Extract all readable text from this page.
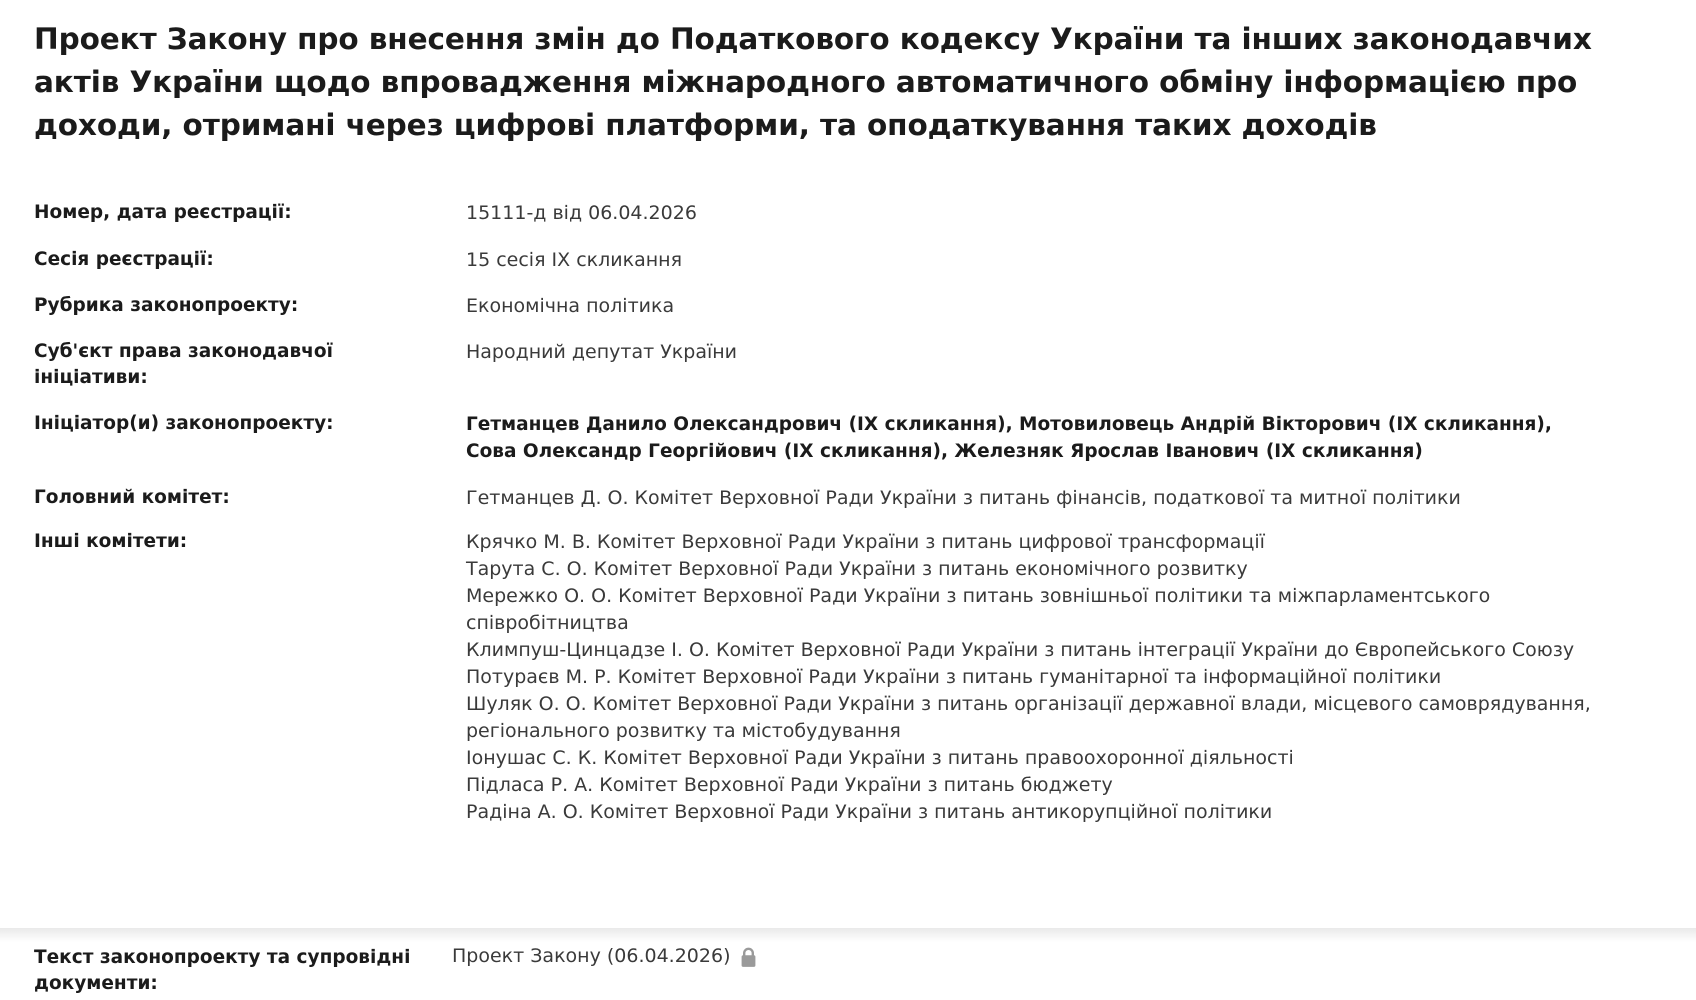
Проект Закону про внесення змін до Податкового кодексу України та інших законодавчих актів України щодо впровадження міжнародного автоматичного обміну інформацією про доходи, отримані через цифрові платформи, та оподаткування таких доходів
Номер, дата реєстрації:	15111-д від 06.04.2026
Сесія реєстрації:	15 сесія IX скликання
Рубрика законопроекту:	Економічна політика
Суб'єкт права законодавчої ініціативи:	Народний депутат України
Ініціатор(и) законопроекту:	Гетманцев Данило Олександрович (IX скликання), Мотовиловець Андрій Вікторович (IX скликання),
Сова Олександр Георгійович (IX скликання), Железняк Ярослав Іванович (IX скликання)

Головний комітет:	Гетманцев Д. О. Комітет Верховної Ради України з питань фінансів, податкової та митної політики
Інші комітети:	Крячко М. В. Комітет Верховної Ради України з питань цифрової трансформації
Тарута С. О. Комітет Верховної Ради України з питань економічного розвитку
Мережко О. О. Комітет Верховної Ради України з питань зовнішньої політики та міжпарламентського співробітництва
Климпуш-Цинцадзе І. О. Комітет Верховної Ради України з питань інтеграції України до Європейського Союзу
Потураєв М. Р. Комітет Верховної Ради України з питань гуманітарної та інформаційної політики
Шуляк О. О. Комітет Верховної Ради України з питань організації державної влади, місцевого самоврядування, регіонального розвитку та містобудування
Іонушас С. К. Комітет Верховної Ради України з питань правоохоронної діяльності
Підласа Р. А. Комітет Верховної Ради України з питань бюджету
Радіна А. О. Комітет Верховної Ради України з питань антикорупційної політики
Текст законопроекту та супровідні документи:
Проект Закону (06.04.2026)
